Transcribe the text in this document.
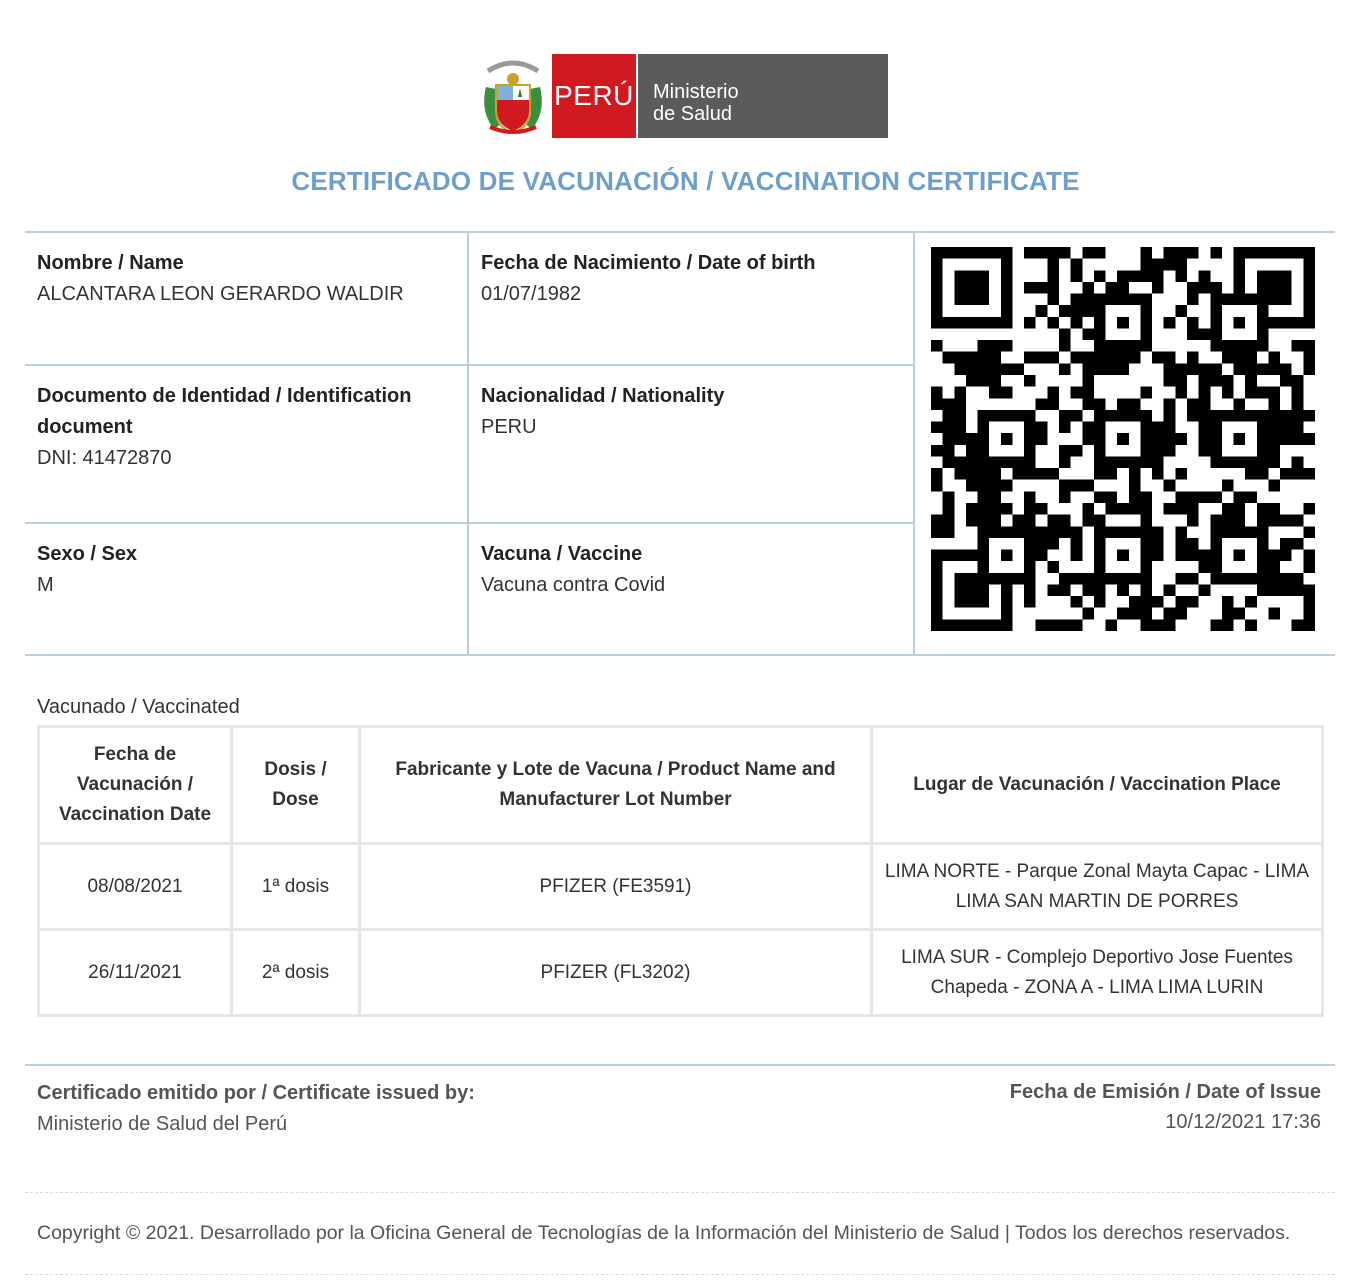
PERÚ Ministerio
de Salud
CERTIFICADO DE VACUNACIÓN / VACCINATION CERTIFICATE
Nombre / Name
ALCANTARA LEON GERARDO WALDIR
Fecha de Nacimiento / Date of birth
01/07/1982
Documento de Identidad / Identification document
DNI: 41472870
Nacionalidad / Nationality
PERU
Sexo / Sex
M
Vacuna / Vaccine
Vacuna contra Covid
Vacunado / Vaccinated
Fecha de Vacunación / Vaccination Date	Dosis / Dose	Fabricante y Lote de Vacuna / Product Name and Manufacturer Lot Number	Lugar de Vacunación / Vaccination Place
08/08/2021	1ª dosis	PFIZER (FE3591)	LIMA NORTE - Parque Zonal Mayta Capac - LIMA LIMA SAN MARTIN DE PORRES
26/11/2021	2ª dosis	PFIZER (FL3202)	LIMA SUR - Complejo Deportivo Jose Fuentes Chapeda - ZONA A - LIMA LIMA LURIN
Certificado emitido por / Certificate issued by:
Ministerio de Salud del Perú
Fecha de Emisión / Date of Issue
10/12/2021 17:36
Copyright © 2021. Desarrollado por la Oficina General de Tecnologías de la Información del Ministerio de Salud | Todos los derechos reservados.
